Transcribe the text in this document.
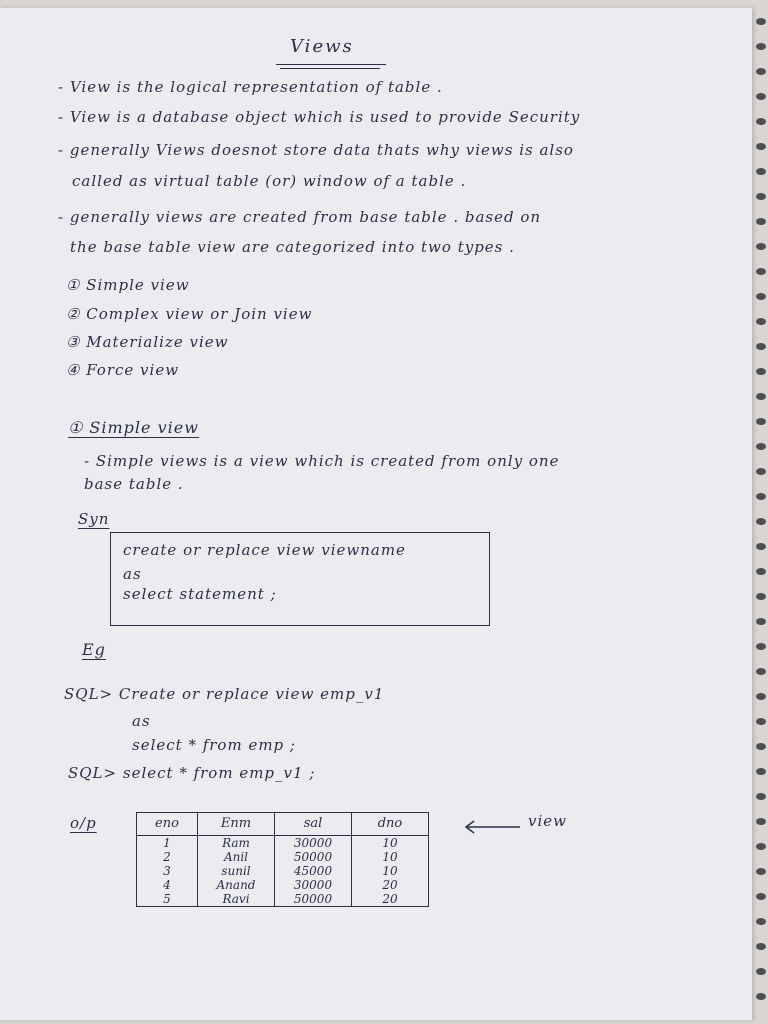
Views
- View is the logical representation of table .
- View is a database object which is used to provide Security
- generally Views doesnot store data thats why views is also
called as virtual table (or) window of a table .
- generally views are created from base table . based on
the base table view are categorized into two types .
① Simple view
② Complex view or Join view
③ Materialize view
④ Force view
① Simple view
- Simple views is a view which is created from only one
base table .
Syn
create or replace view viewname
as
select statement ;
Eg
SQL> Create or replace view emp_v1
as
select * from emp ;
SQL> select * from emp_v1 ;
o/p	eno	Enm	sal	dno
1	Ram	30000	10
2	Anil	50000	10
3	sunil	45000	10
4	Anand	30000	20
5	Ravi	50000	20
view
